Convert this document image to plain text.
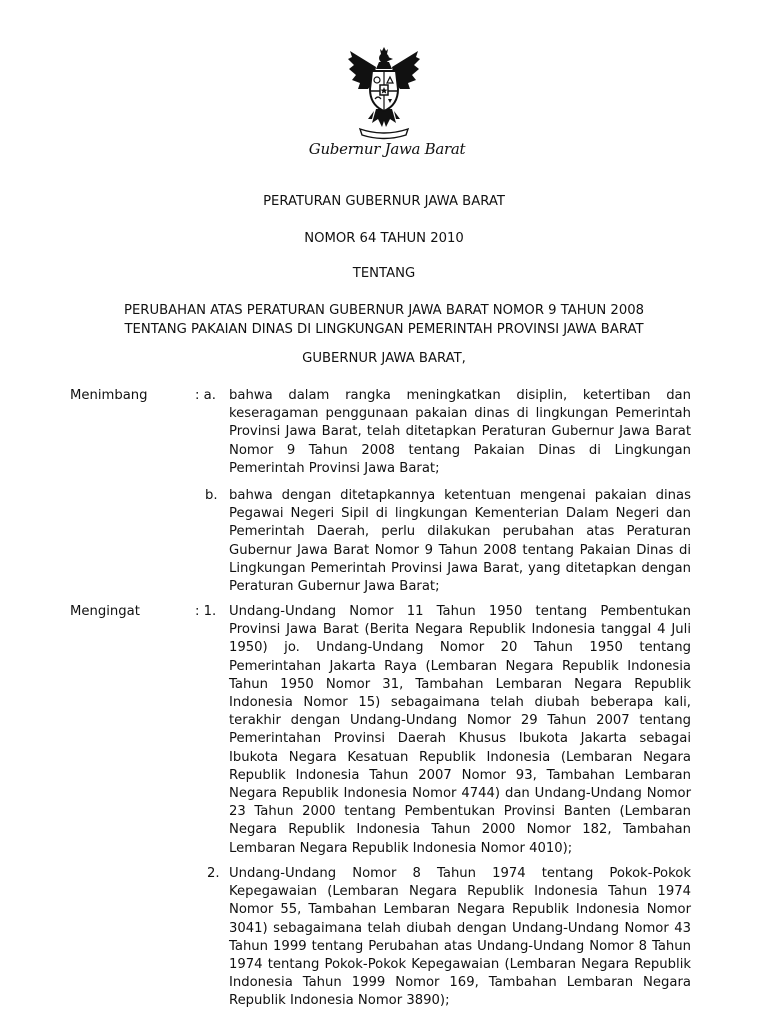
Gubernur Jawa Barat
PERATURAN GUBERNUR JAWA BARAT
NOMOR 64 TAHUN 2010
TENTANG
PERUBAHAN ATAS PERATURAN GUBERNUR JAWA BARAT NOMOR 9 TAHUN 2008
TENTANG PAKAIAN DINAS DI LINGKUNGAN PEMERINTAH PROVINSI JAWA BARAT
GUBERNUR JAWA BARAT,
Menimbang	: a. bahwa dalam rangka meningkatkan disiplin, ketertiban dan keseragaman penggunaan pakaian dinas di lingkungan Pemerintah Provinsi Jawa Barat, telah ditetapkan Peraturan Gubernur Jawa Barat Nomor 9 Tahun 2008 tentang Pakaian Dinas di Lingkungan Pemerintah Provinsi Jawa Barat;
b. bahwa dengan ditetapkannya ketentuan mengenai pakaian dinas Pegawai Negeri Sipil di lingkungan Kementerian Dalam Negeri dan Pemerintah Daerah, perlu dilakukan perubahan atas Peraturan Gubernur Jawa Barat Nomor 9 Tahun 2008 tentang Pakaian Dinas di Lingkungan Pemerintah Provinsi Jawa Barat, yang ditetapkan dengan Peraturan Gubernur Jawa Barat;
Mengingat	: 1. Undang-Undang Nomor 11 Tahun 1950 tentang Pembentukan Provinsi Jawa Barat (Berita Negara Republik Indonesia tanggal 4 Juli 1950) jo. Undang-Undang Nomor 20 Tahun 1950 tentang Pemerintahan Jakarta Raya (Lembaran Negara Republik Indonesia Tahun 1950 Nomor 31, Tambahan Lembaran Negara Republik Indonesia Nomor 15) sebagaimana telah diubah beberapa kali, terakhir dengan Undang-Undang Nomor 29 Tahun 2007 tentang Pemerintahan Provinsi Daerah Khusus Ibukota Jakarta sebagai Ibukota Negara Kesatuan Republik Indonesia (Lembaran Negara Republik Indonesia Tahun 2007 Nomor 93, Tambahan Lembaran Negara Republik Indonesia Nomor 4744) dan Undang-Undang Nomor 23 Tahun 2000 tentang Pembentukan Provinsi Banten (Lembaran Negara Republik Indonesia Tahun 2000 Nomor 182, Tambahan Lembaran Negara Republik Indonesia Nomor 4010);
2. Undang-Undang Nomor 8 Tahun 1974 tentang Pokok-Pokok Kepegawaian (Lembaran Negara Republik Indonesia Tahun 1974 Nomor 55, Tambahan Lembaran Negara Republik Indonesia Nomor 3041) sebagaimana telah diubah dengan Undang-Undang Nomor 43 Tahun 1999 tentang Perubahan atas Undang-Undang Nomor 8 Tahun 1974 tentang Pokok-Pokok Kepegawaian (Lembaran Negara Republik Indonesia Tahun 1999 Nomor 169, Tambahan Lembaran Negara Republik Indonesia Nomor 3890);
